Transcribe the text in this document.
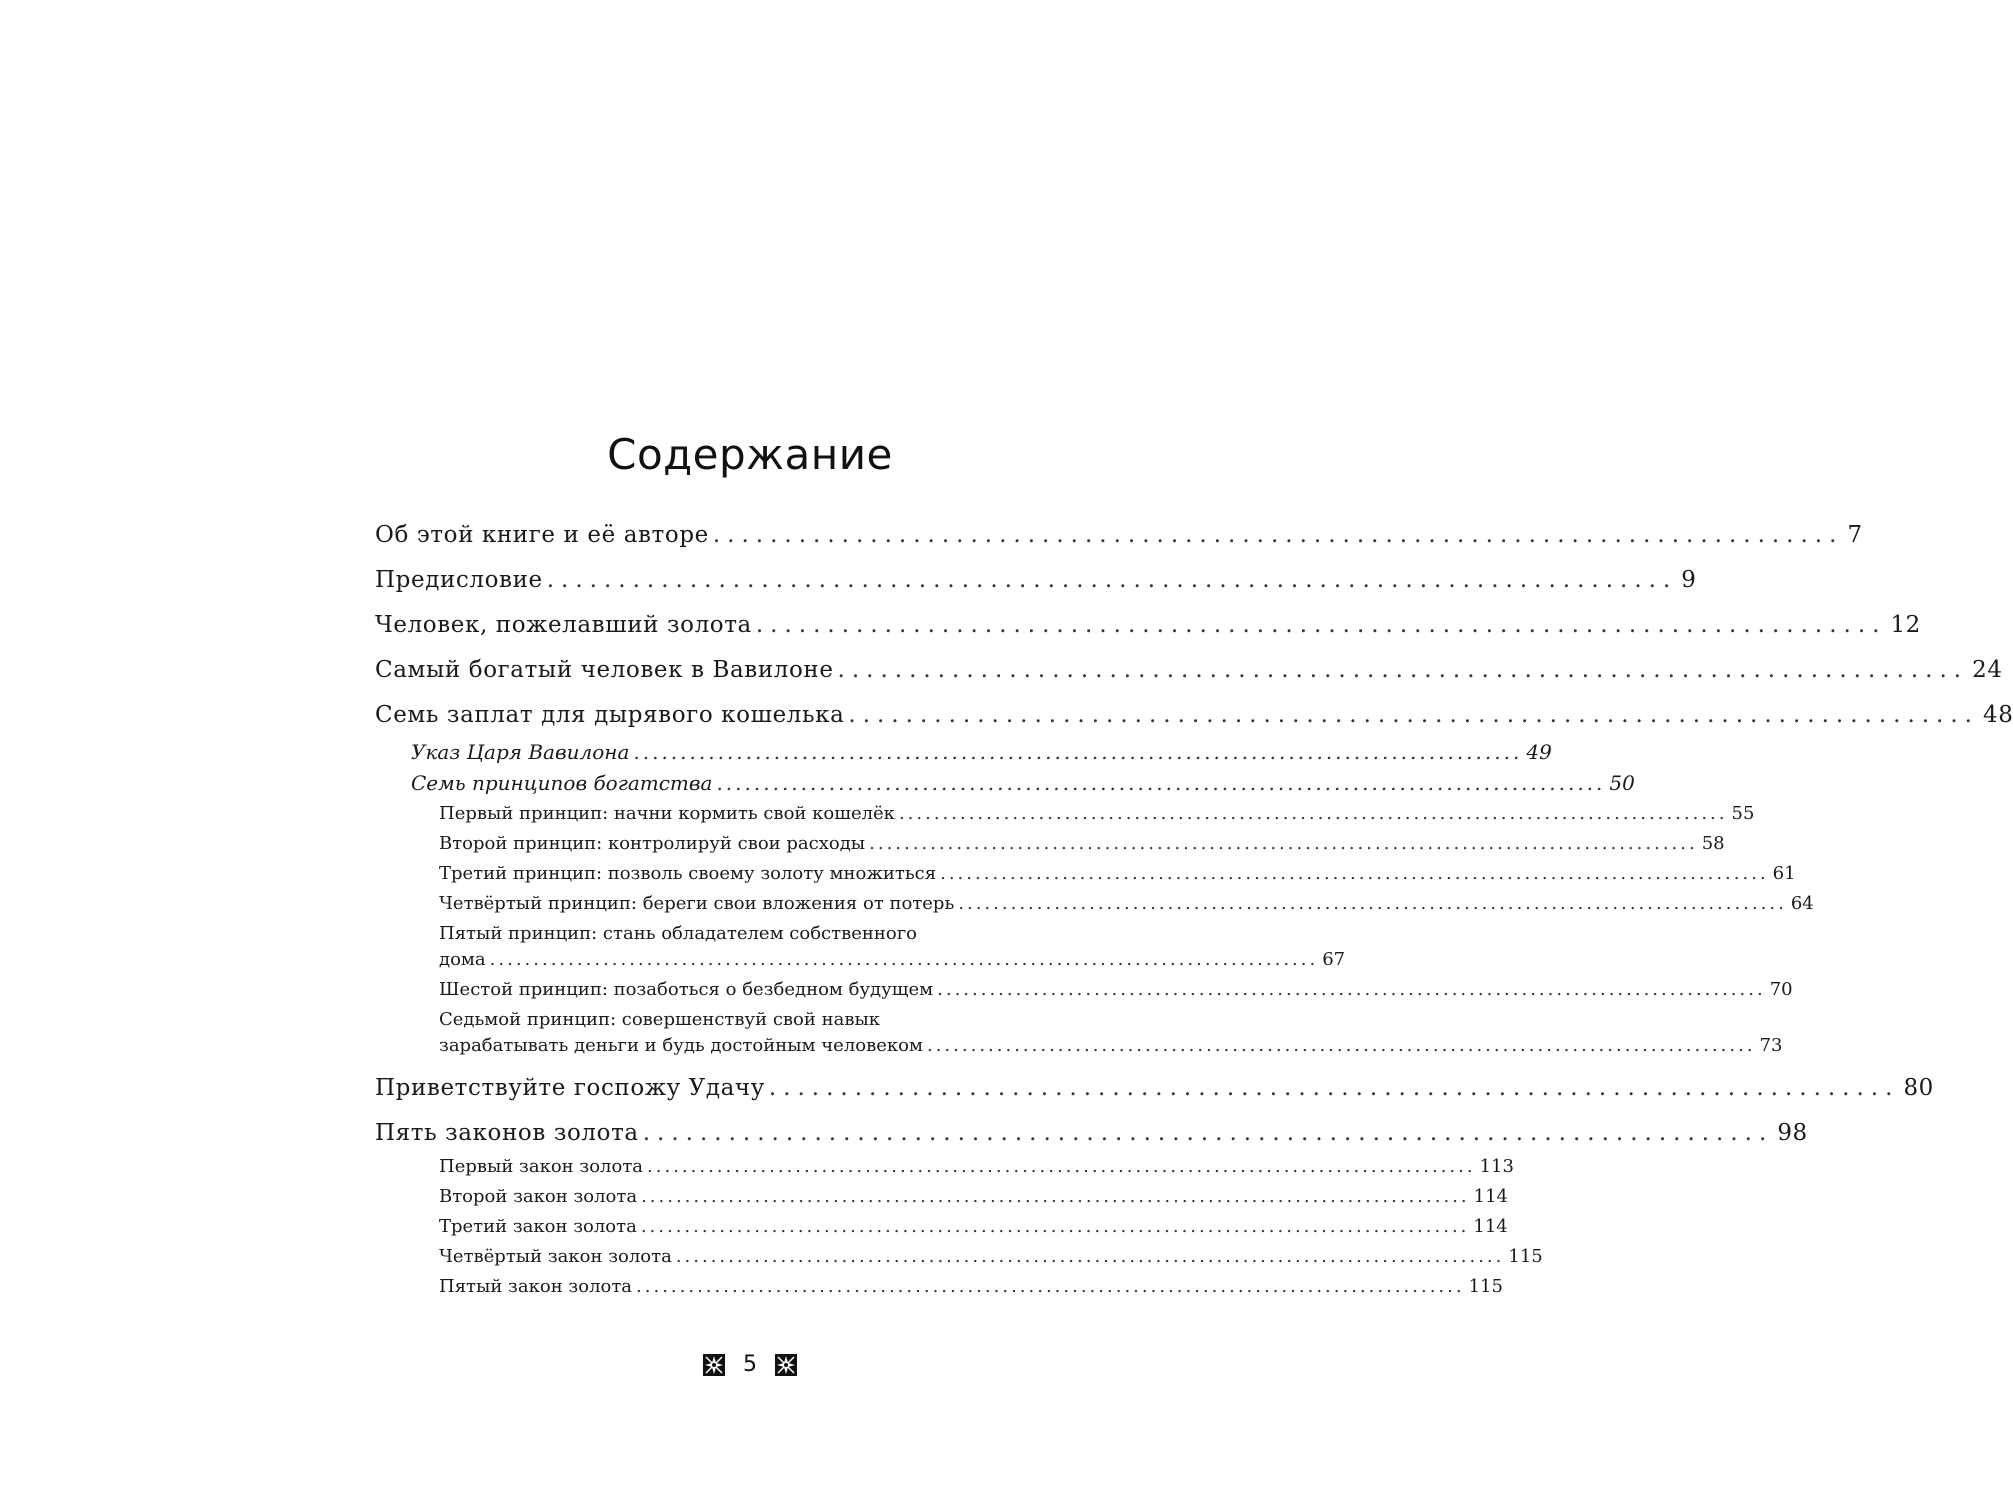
Содержание
Об этой книге и её авторе ............................................................................... 7
Предисловие ............................................................................... 9
Человек, пожелавший золота ............................................................................... 12
Самый богатый человек в Вавилоне ............................................................................... 24
Семь заплат для дырявого кошелька ............................................................................... 48
Указ Царя Вавилона ............................................................................................... 49
Семь принципов богатства ............................................................................................... 50
Первый принцип: начни кормить свой кошелёк ............................................................................................... 55
Второй принцип: контролируй свои расходы ............................................................................................... 58
Третий принцип: позволь своему золоту множиться ............................................................................................... 61
Четвёртый принцип: береги свои вложения от потерь ............................................................................................... 64
Пятый принцип: стань обладателем собственного
дома ............................................................................................... 67
Шестой принцип: позаботься о безбедном будущем ............................................................................................... 70
Седьмой принцип: совершенствуй свой навык
зарабатывать деньги и будь достойным человеком ............................................................................................... 73
Приветствуйте госпожу Удачу ............................................................................... 80
Пять законов золота ............................................................................... 98
Первый закон золота ............................................................................................... 113
Второй закон золота ............................................................................................... 114
Третий закон золота ............................................................................................... 114
Четвёртый закон золота ............................................................................................... 115
Пятый закон золота ............................................................................................... 115
5
